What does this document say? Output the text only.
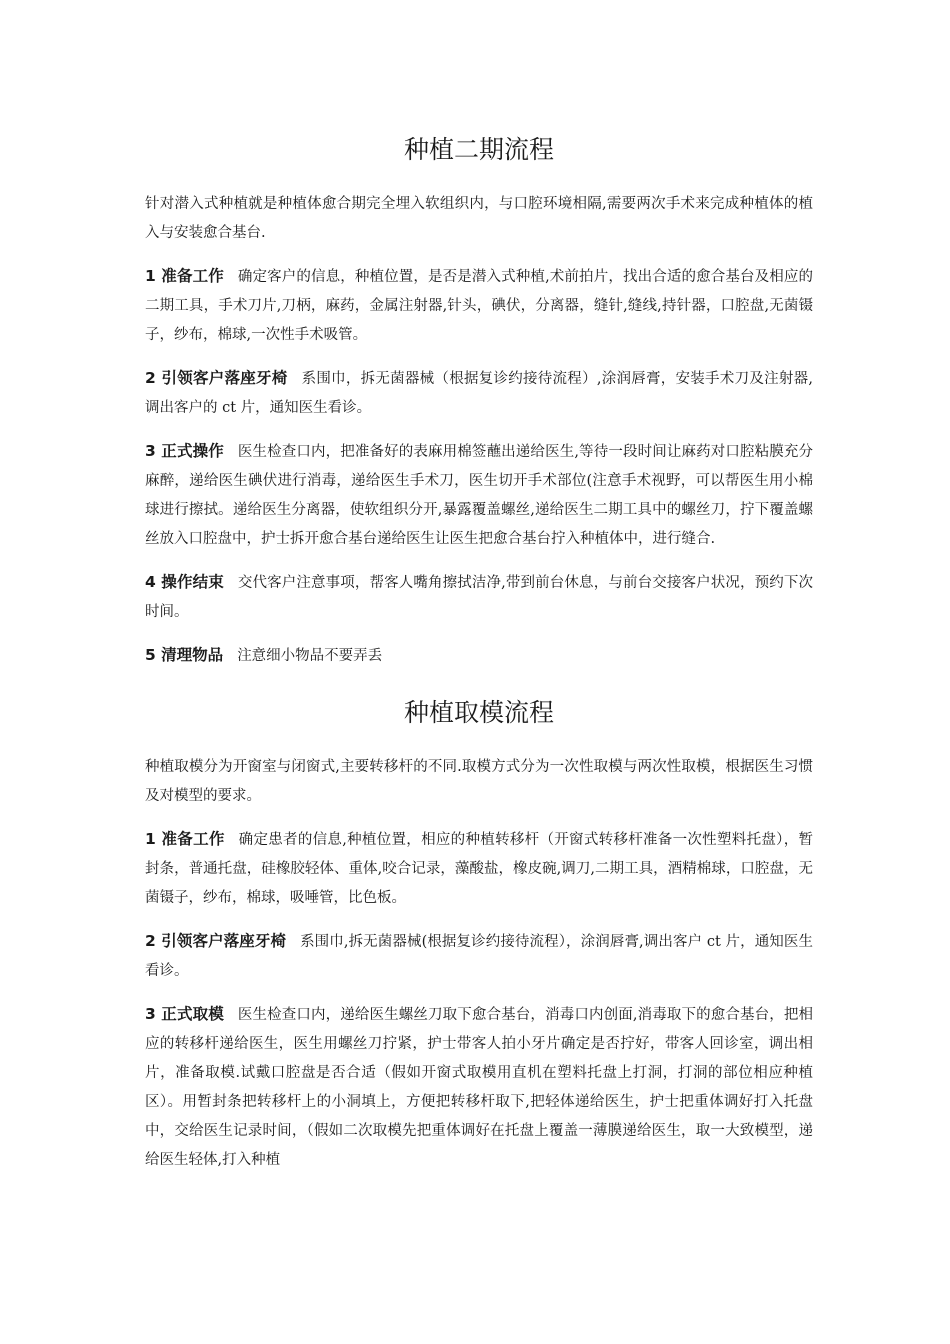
种植二期流程

针对潜入式种植就是种植体愈合期完全埋入软组织内，与口腔环境相隔,需要两次手术来完成种植体的植入与安装愈合基台.

1 准备工作 确定客户的信息，种植位置，是否是潜入式种植,术前拍片，找出合适的愈合基台及相应的二期工具，手术刀片,刀柄，麻药，金属注射器,针头，碘伏，分离器，缝针,缝线,持针器，口腔盘,无菌镊子，纱布，棉球,一次性手术吸管。

2 引领客户落座牙椅 系围巾，拆无菌器械（根据复诊约接待流程）,涂润唇膏，安装手术刀及注射器,调出客户的 ct 片，通知医生看诊。

3 正式操作 医生检查口内，把准备好的表麻用棉签蘸出递给医生,等待一段时间让麻药对口腔粘膜充分麻醉，递给医生碘伏进行消毒，递给医生手术刀，医生切开手术部位(注意手术视野，可以帮医生用小棉球进行擦拭。递给医生分离器，使软组织分开,暴露覆盖螺丝,递给医生二期工具中的螺丝刀，拧下覆盖螺丝放入口腔盘中，护士拆开愈合基台递给医生让医生把愈合基台拧入种植体中，进行缝合.

4 操作结束 交代客户注意事项，帮客人嘴角擦拭洁净,带到前台休息，与前台交接客户状况，预约下次时间。

5 清理物品 注意细小物品不要弄丢

种植取模流程

种植取模分为开窗室与闭窗式,主要转移杆的不同.取模方式分为一次性取模与两次性取模，根据医生习惯及对模型的要求。

1 准备工作 确定患者的信息,种植位置，相应的种植转移杆（开窗式转移杆准备一次性塑料托盘），暂封条，普通托盘，硅橡胶轻体、重体,咬合记录，藻酸盐，橡皮碗,调刀,二期工具，酒精棉球，口腔盘，无菌镊子，纱布，棉球，吸唾管，比色板。

2 引领客户落座牙椅 系围巾,拆无菌器械(根据复诊约接待流程），涂润唇膏,调出客户 ct 片，通知医生看诊。

3 正式取模 医生检查口内，递给医生螺丝刀取下愈合基台，消毒口内创面,消毒取下的愈合基台，把相应的转移杆递给医生，医生用螺丝刀拧紧，护士带客人拍小牙片确定是否拧好，带客人回诊室，调出相片，准备取模.试戴口腔盘是否合适（假如开窗式取模用直机在塑料托盘上打洞，打洞的部位相应种植区）。用暂封条把转移杆上的小洞填上，方便把转移杆取下,把轻体递给医生，护士把重体调好打入托盘中，交给医生记录时间，（假如二次取模先把重体调好在托盘上覆盖一薄膜递给医生，取一大致模型，递给医生轻体,打入种植
